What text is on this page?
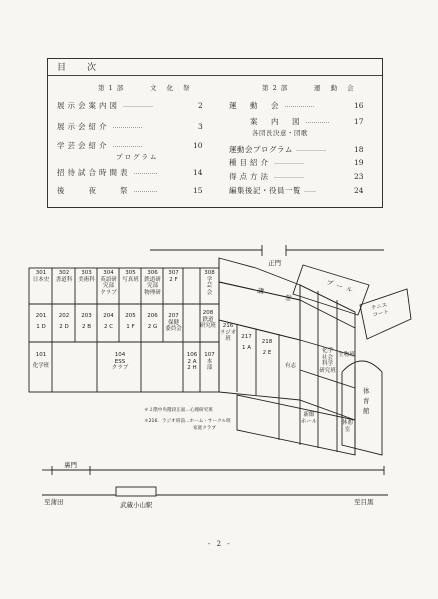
目　次
第 1 部	文 化 祭	第 2 部	運 動 会
展示会案内図 ……………	2
展示会紹介 ……………	3
学芸会紹介 ……………	10
プログラム
招待試合時間表 …………	14
後　　夜　　祭 …………	15
運　動　会 ……………	16
案　内　図 …………	17
各団長決意・団歌
運動会プログラム ……………	18
種目紹介 ……………	19
得点方法 ……………	23
編集後記・役員一覧 ……	24
正門
プール
テニス
コート
講　　堂
体
育
館
301
日本史
302
書道科
303
美術科
304
英語研
究部
クラブ
305
写真班
306
鉄道研
究部
物理研
307
2 F
308
学
芸
会
201
1 D
202
2 D
203
2 B
204
2 C
205
1 F
206
2 G
207
保健
委員会
208
鉄道
研究班
101
化学班
104
ESS
クラブ
106
2 A
2 H
107
本
部
216
ラジオ
班	217
1 A
218
2 E
有志
化学
社会
科学
研究班
生物班
新館
ホール	休憩
室
＊２階中央階段正面…心理研究班
＊216．ラジオ班前…ホーム・サークル班
家庭クラブ
裏門
至蒲田	武蔵小山駅	至目黒
- 2 -
